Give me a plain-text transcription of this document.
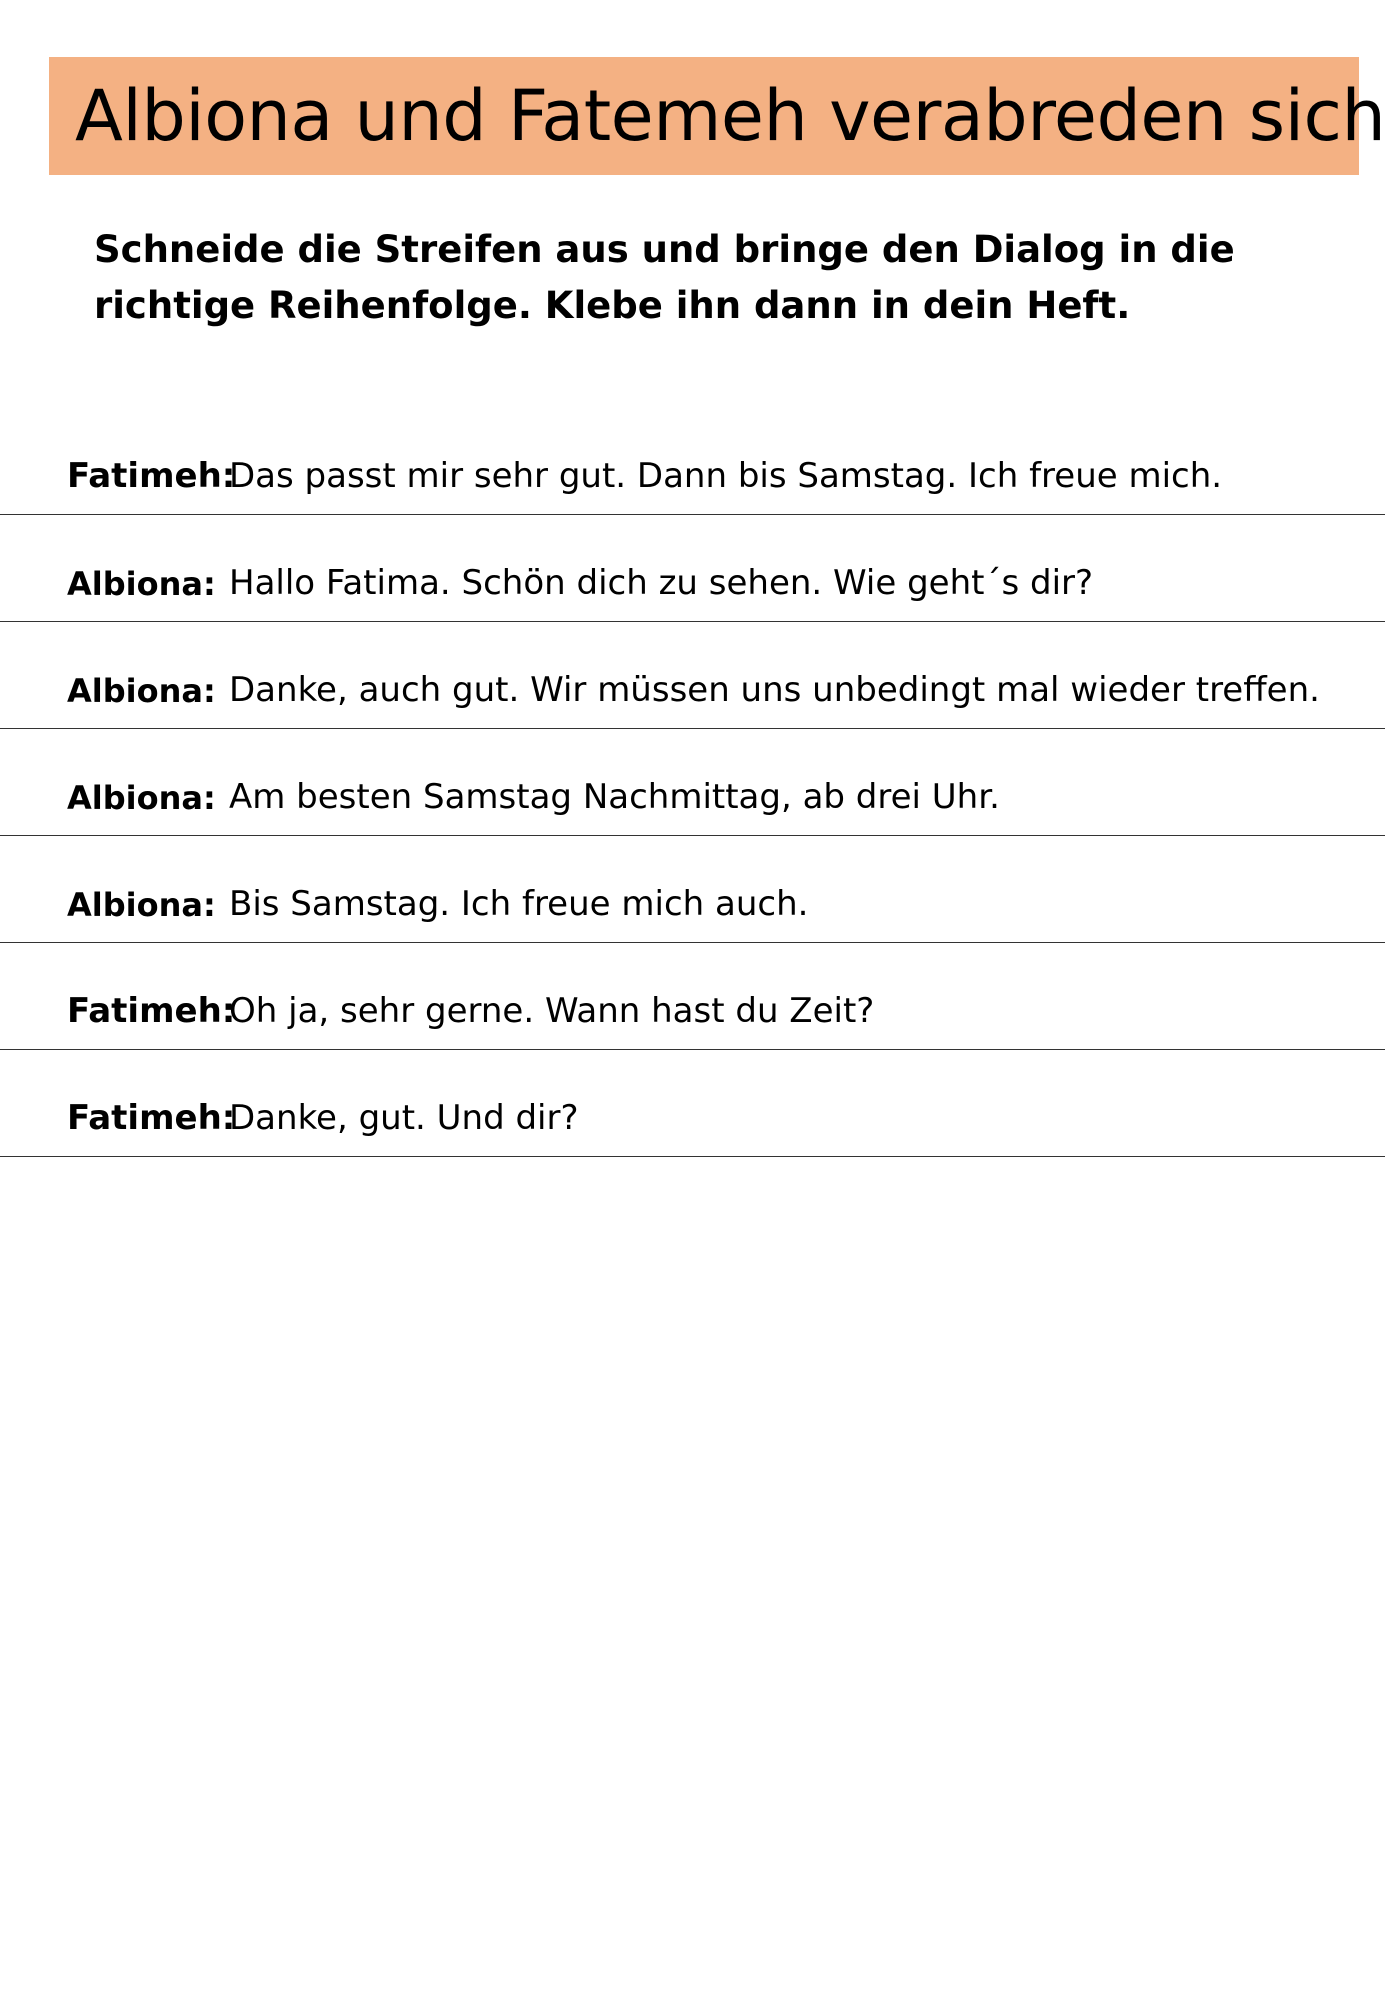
Albiona und Fatemeh verabreden sich

Schneide die Streifen aus und bringe den Dialog in die richtige Reihenfolge. Klebe ihn dann in dein Heft.

Fatimeh:
Das passt mir sehr gut. Dann bis Samstag. Ich freue mich.
Albiona: Hallo Fatima. Schön dich zu sehen. Wie geht´s dir?
Albiona: Danke, auch gut. Wir müssen uns unbedingt mal wieder treffen.
Albiona: Am besten Samstag Nachmittag, ab drei Uhr.
Albiona: Bis Samstag. Ich freue mich auch.
Fatimeh:
Oh ja, sehr gerne. Wann hast du Zeit?
Fatimeh:
Danke, gut. Und dir?
